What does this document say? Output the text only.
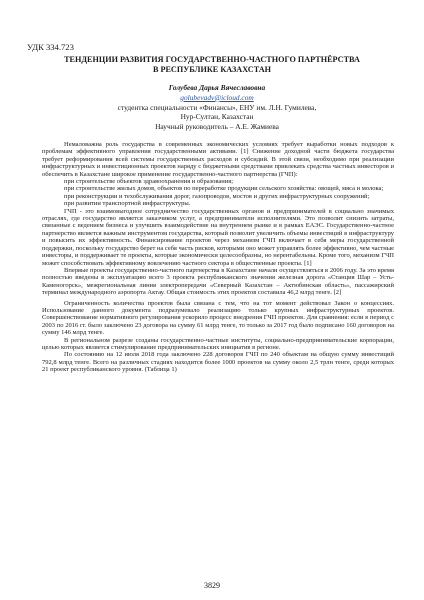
УДК 334.723
ТЕНДЕНЦИИ РАЗВИТИЯ ГОСУДАРСТВЕННО-ЧАСТНОГО ПАРТНЁРСТВА
В РЕСПУБЛИКЕ КАЗАХСТАН
Голубева Дарья Вячеславовна
golubevadv@icloud.com
студентка специальности «Финансы», ЕНУ им. Л.Н. Гумилева,
Нур-Султан, Казахстан
Научный руководитель – А.Е. Жамиева

Немаловажна роль государства в современных экономических условиях требует выработки новых подходов к проблемам эффективного управления государственными активами. [1] Снижение доходной части бюджета государства требует реформирования всей системы государственных расходов и субсидий. В этой связи, необходимо при реализации инфраструктурных и инвестиционных проектов наряду с бюджетными средствами привлекать средства частных инвесторов и обеспечить в Казахстане широкое применение государственно-частного партнерства (ГЧП):

при строительстве объектов здравоохранения и образования;

при строительстве жилых домов, объектов по переработке продукции сельского хозяйства: овощей, мяса и молока;

при реконструкции и техобслуживания дорог, газопроводов, мостов и других инфраструктурных сооружений;

при развитии транспортной инфраструктуры.

ГЧП - это взаимовыгодное сотрудничество государственных органов и предпринимателей в социально значимых отраслях, где государство является заказчиком услуг, а предприниматели исполнителями. Это позволит снизить затраты, связанные с ведением бизнеса и улучшить взаимодействие на внутреннем рынке и в рамках ЕАЭС. Государственно-частное партнерство является важным инструментом государства, который позволит увеличить объемы инвестиций в инфраструктуру и повысить их эффективность. Финансирование проектов через механизм ГЧП включает в себя меры государственной поддержки, поскольку государство берет на себя часть рисков, которыми оно может управлять более эффективно, чем частные инвесторы, и поддерживает те проекты, которые экономически целесообразны, но нерентабельны. Кроме того, механизм ГЧП может способствовать эффективному вовлечению частного сектора в общественные проекты. [1]

Впервые проекты государственно-частного партнерства в Казахстане начали осуществляться в 2006 году. За это время полностью введены в эксплуатацию всего 3 проекта республиканского значения железная дорога «Станция Шар – Усть-Каменогорск», межрегиональная линия электропередачи «Северный Казахстан – Актюбинская область», пассажирский терминал международного аэропорта Актау. Общая стоимость этих проектов составила 46,2 млрд тенге. [2]

Ограниченность количества проектов была связана с тем, что на тот момент действовал Закон о концессиях. Использование данного документа подразумевало реализацию только крупных инфраструктурных проектов. Совершенствование нормативного регулирования ускорило процесс внедрения ГЧП проектов. Для сравнения: если в период с 2003 по 2016 гг. было заключено 23 договора на сумму 61 млрд тенге, то только за 2017 год было подписано 160 договоров на сумму 146 млрд тенге.

В региональном разрезе созданы государственно-частные институты, социально-предпринимательские корпорации, целью которых является стимулирование предпринимательских инициатив в регионе.

По состоянию на 12 июля 2018 года заключено 228 договоров ГЧП по 240 объектам на общую сумму инвестиций 792,8 млрд тенге. Всего на различных стадиях находится более 1000 проектов на сумму около 2,5 трлн тенге, среди которых 21 проект республиканского уровня. (Таблица 1)

3829
